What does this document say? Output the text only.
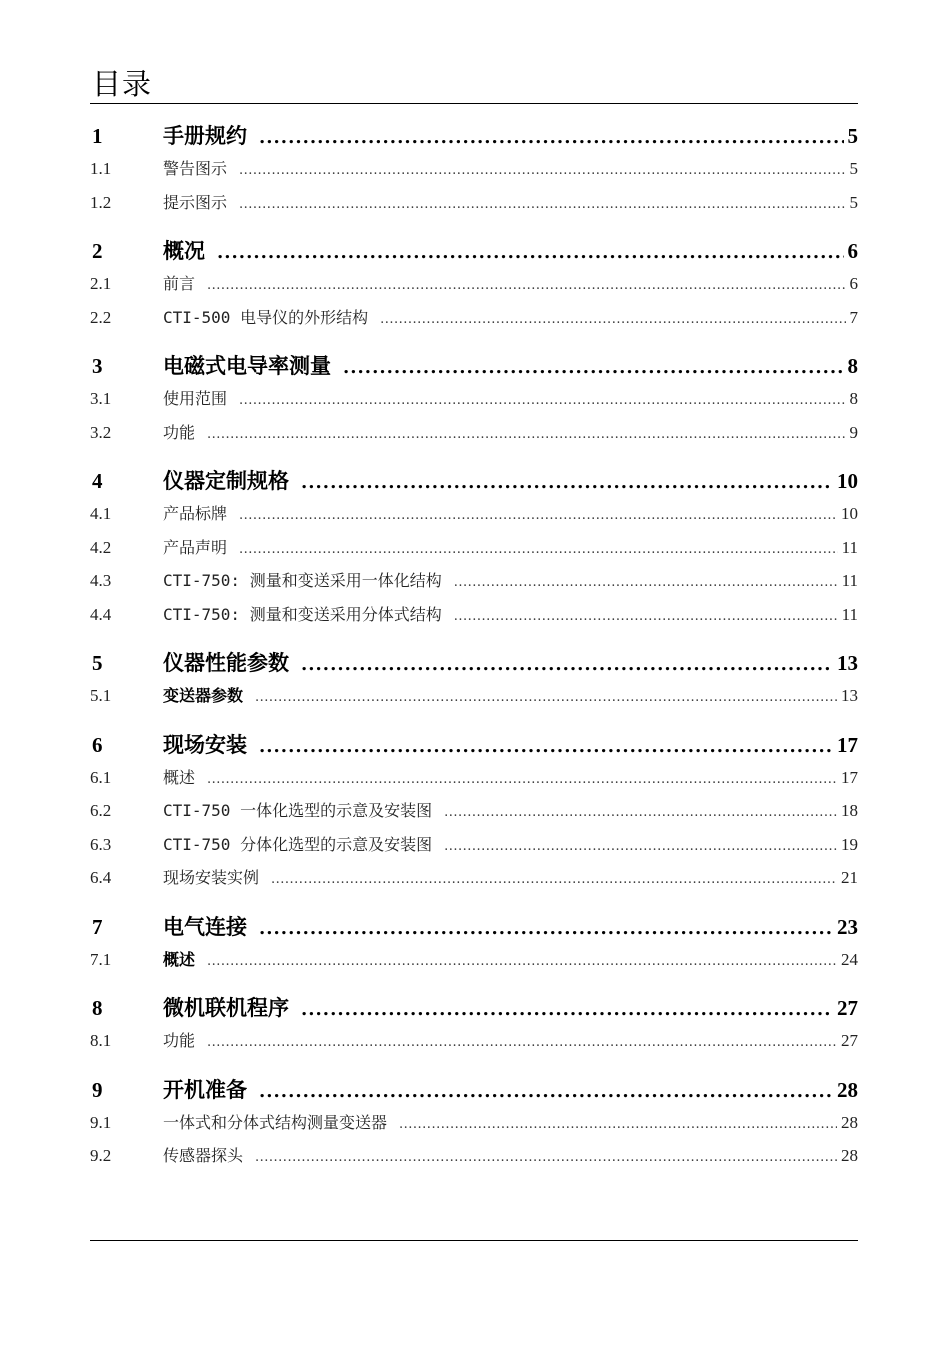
目录
1	手册规约 .....	5
1.1	警告图示 .....	5
1.2	提示图示 .....	5
2	概况 .....	6
2.1	前言 .....	6
2.2	CTI-500 电导仪的外形结构 .....	7
3	电磁式电导率测量 .....	8
3.1	使用范围 .....	8
3.2	功能 .....	9
4	仪器定制规格 .....	10
4.1	产品标牌 .....	10
4.2	产品声明 .....	11
4.3	CTI-750: 测量和变送采用一体化结构 .....	11
4.4	CTI-750: 测量和变送采用分体式结构 .....	11
5	仪器性能参数 .....	13
5.1	变送器参数 .....	13
6	现场安装 .....	17
6.1	概述 .....	17
6.2	CTI-750 一体化选型的示意及安装图 .....	18
6.3	CTI-750 分体化选型的示意及安装图 .....	19
6.4	现场安装实例 .....	21
7	电气连接 .....	23
7.1	概述 .....	24
8	微机联机程序 .....	27
8.1	功能 .....	27
9	开机准备 .....	28
9.1	一体式和分体式结构测量变送器 .....	28
9.2	传感器探头 .....	28
